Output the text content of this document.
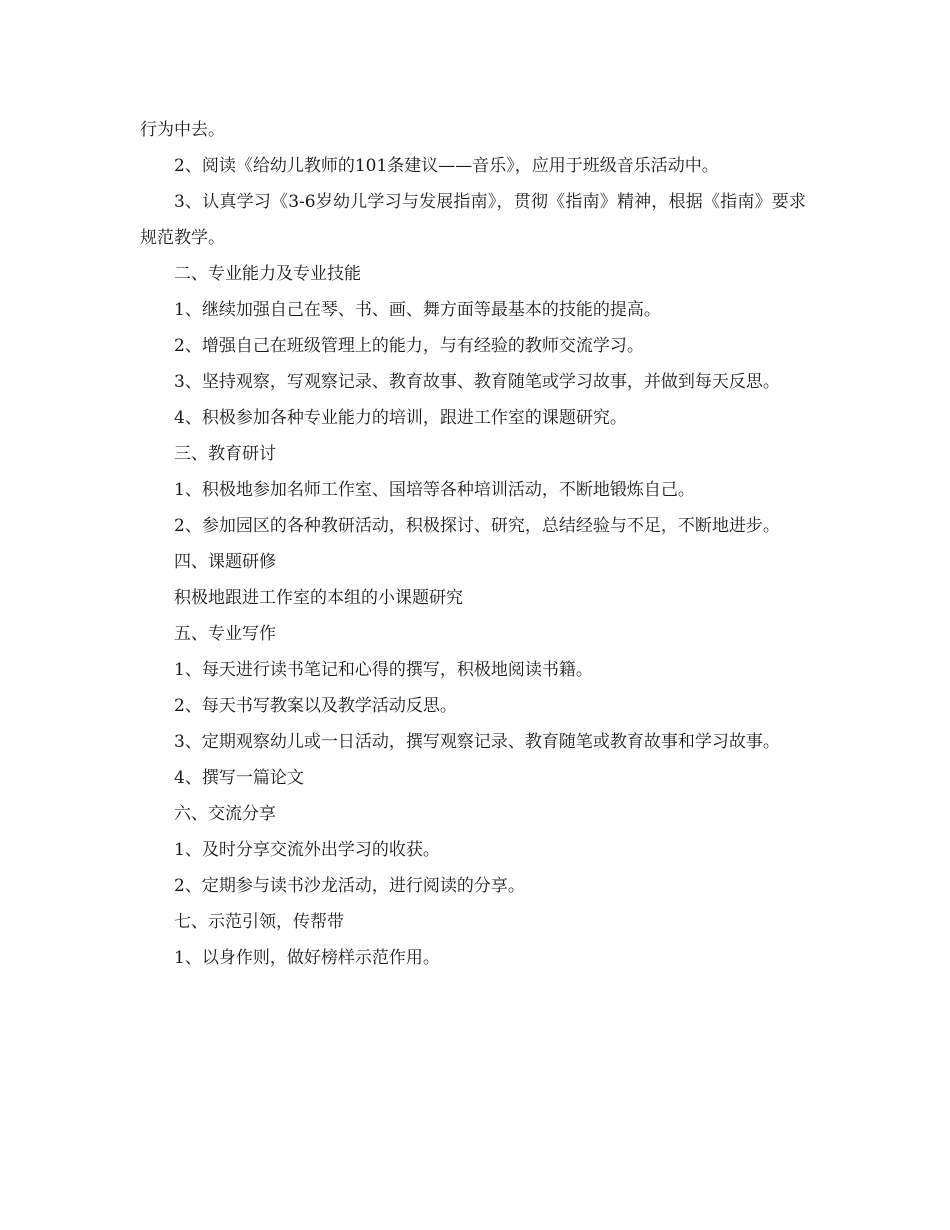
行为中去。

2、阅读《给幼儿教师的101条建议——音乐》，应用于班级音乐活动中。

3、认真学习《3-6岁幼儿学习与发展指南》，贯彻《指南》精神，根据《指南》要求规范教学。

二、专业能力及专业技能

1、继续加强自己在琴、书、画、舞方面等最基本的技能的提高。

2、增强自己在班级管理上的能力，与有经验的教师交流学习。

3、坚持观察，写观察记录、教育故事、教育随笔或学习故事，并做到每天反思。

4、积极参加各种专业能力的培训，跟进工作室的课题研究。

三、教育研讨

1、积极地参加名师工作室、国培等各种培训活动，不断地锻炼自己。

2、参加园区的各种教研活动，积极探讨、研究，总结经验与不足，不断地进步。

四、课题研修

积极地跟进工作室的本组的小课题研究

五、专业写作

1、每天进行读书笔记和心得的撰写，积极地阅读书籍。

2、每天书写教案以及教学活动反思。

3、定期观察幼儿或一日活动，撰写观察记录、教育随笔或教育故事和学习故事。

4、撰写一篇论文

六、交流分享

1、及时分享交流外出学习的收获。

2、定期参与读书沙龙活动，进行阅读的分享。

七、示范引领，传帮带

1、以身作则，做好榜样示范作用。
